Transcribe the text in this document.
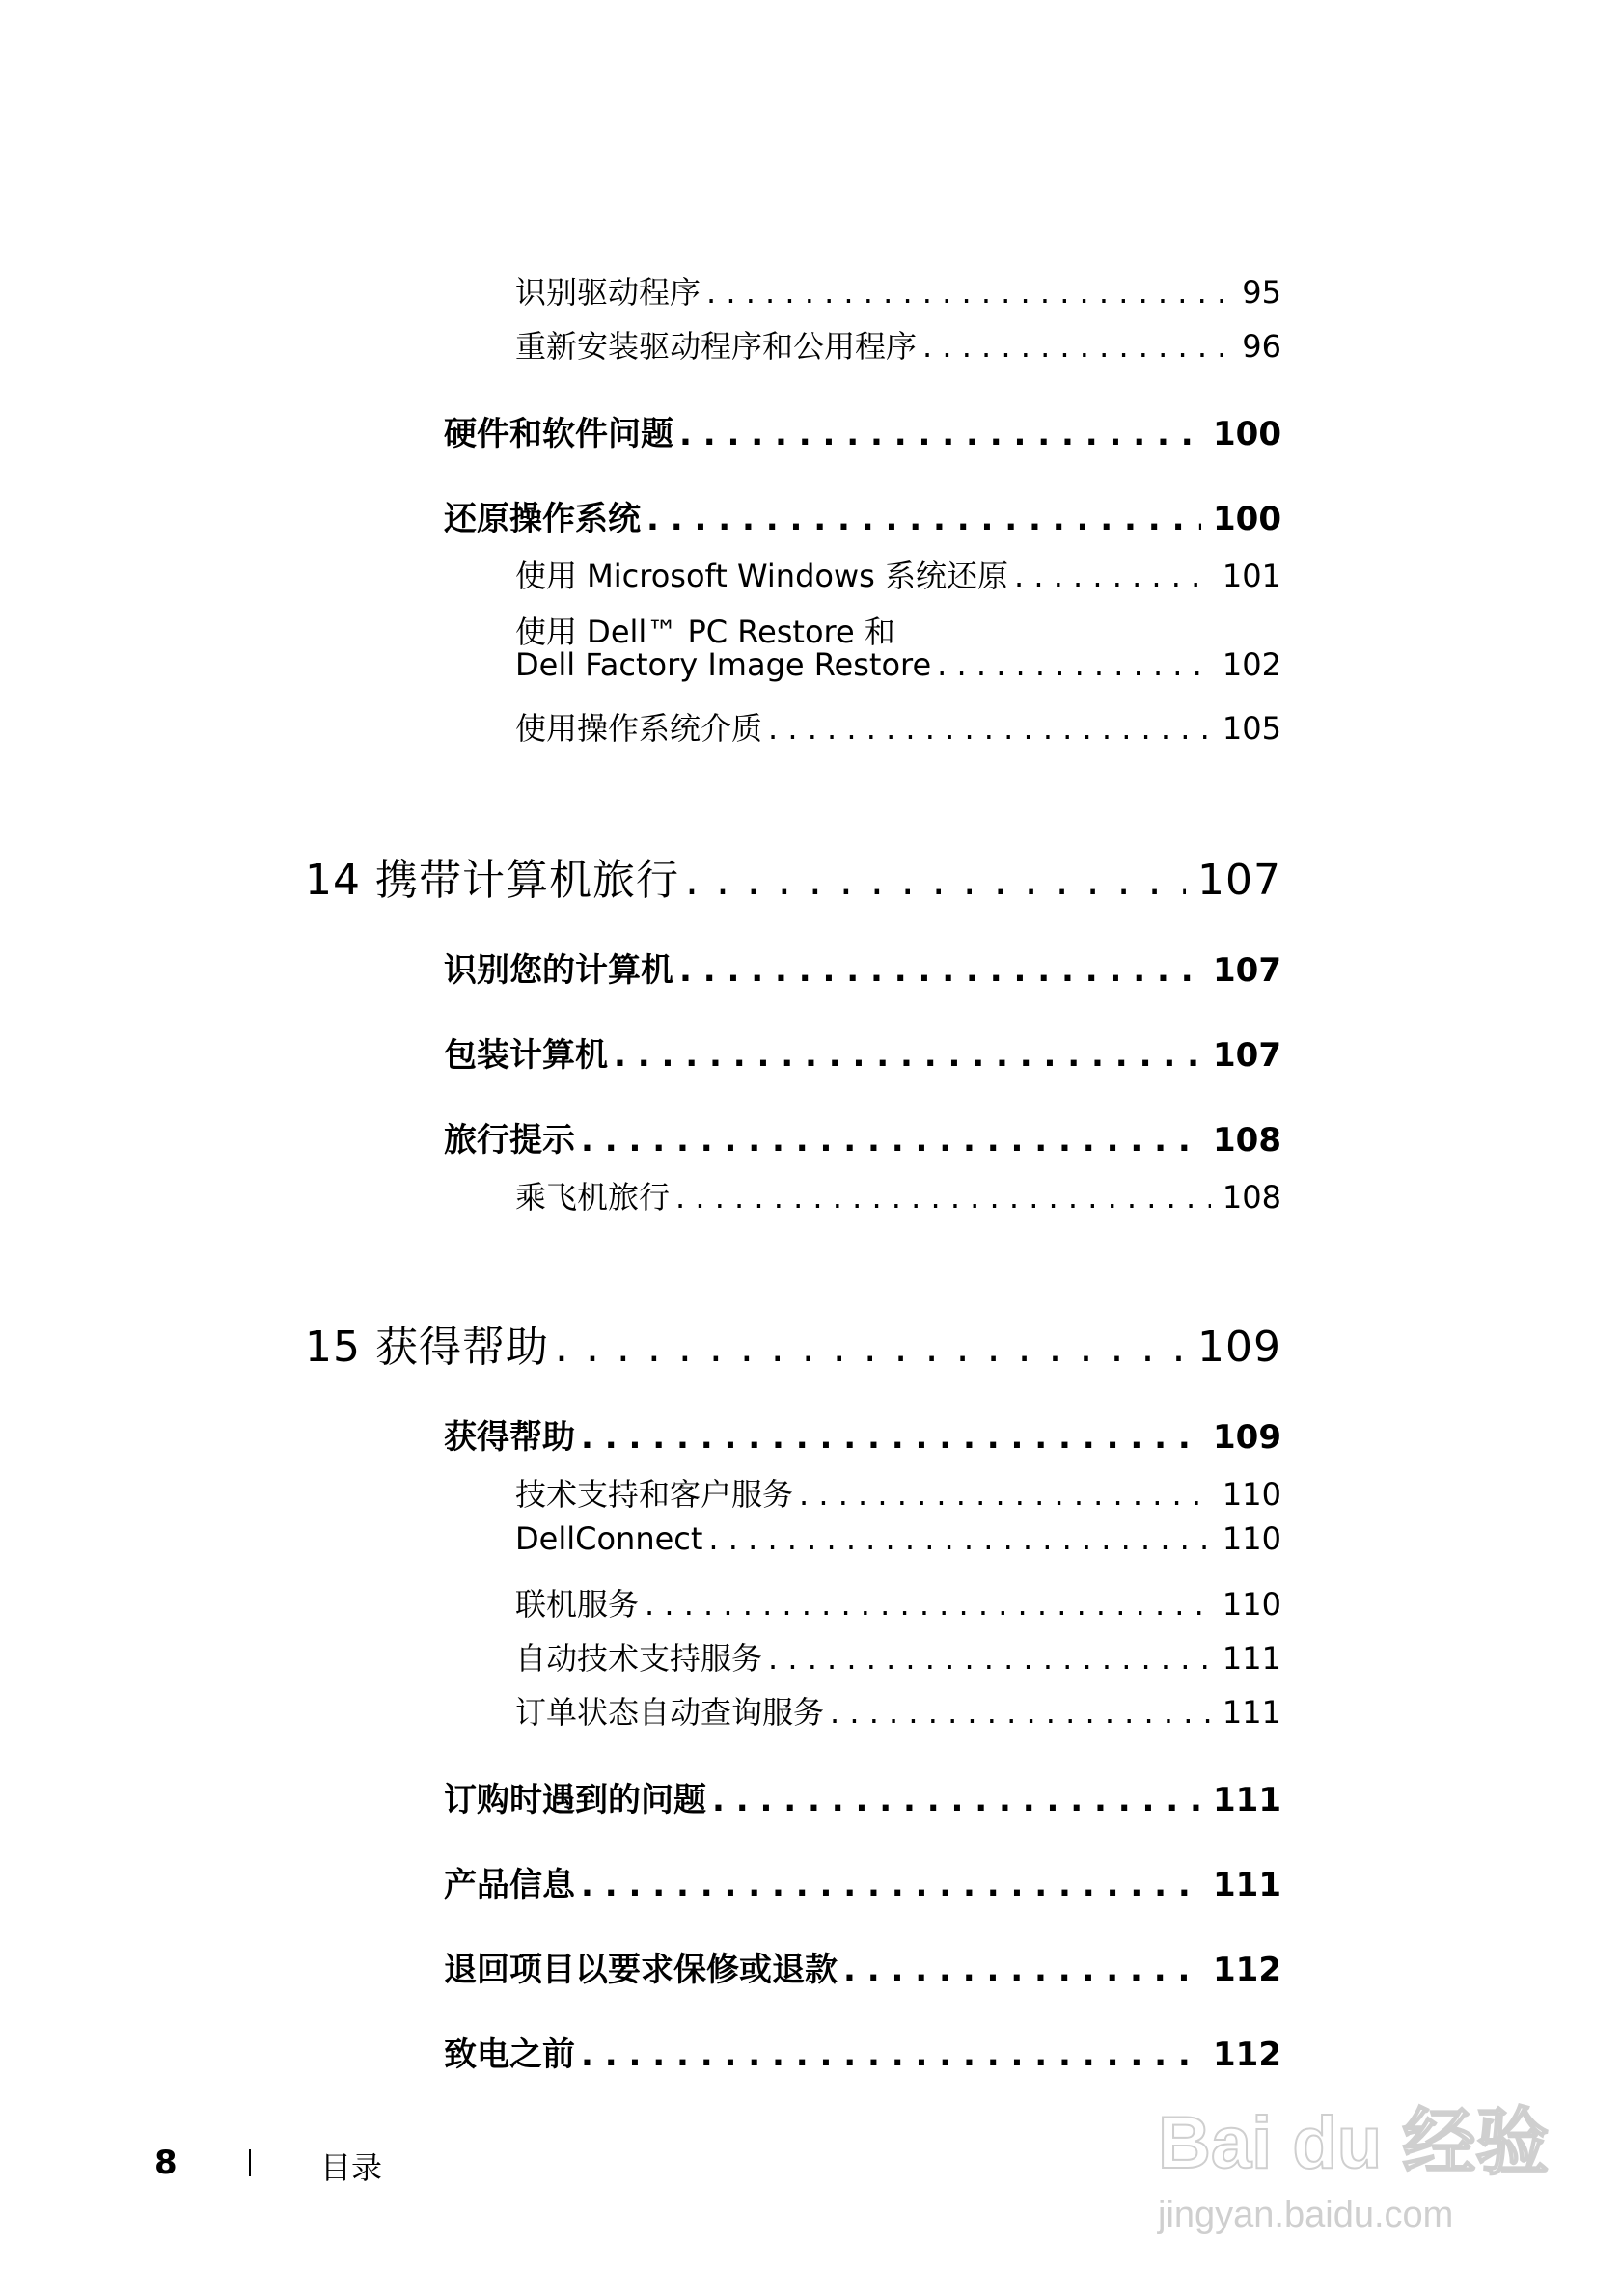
识别驱动程序 . . .	95
重新安装驱动程序和公用程序 . . .	96
硬件和软件问题 . . .	100
还原操作系统 . . .	100
使用 Microsoft Windows 系统还原 . . .	101
使用 Dell™ PC Restore 和
Dell Factory Image Restore . . .	102
使用操作系统介质 . . .	105
14 携带计算机旅行 . . .	107
识别您的计算机 . . .	107
包装计算机 . . .	107
旅行提示 . . .	108
乘飞机旅行 . . .	108
15 获得帮助 . . .	109
获得帮助 . . .	109
技术支持和客户服务 . . .	110
DellConnect . . .	110
联机服务 . . .	110
自动技术支持服务 . . .	111
订单状态自动查询服务 . . .	111
订购时遇到的问题 . . .	111
产品信息 . . .	111
退回项目以要求保修或退款 . . .	112
致电之前 . . .	112
8	目录	Bai du 经验
jingyan.baidu.com
